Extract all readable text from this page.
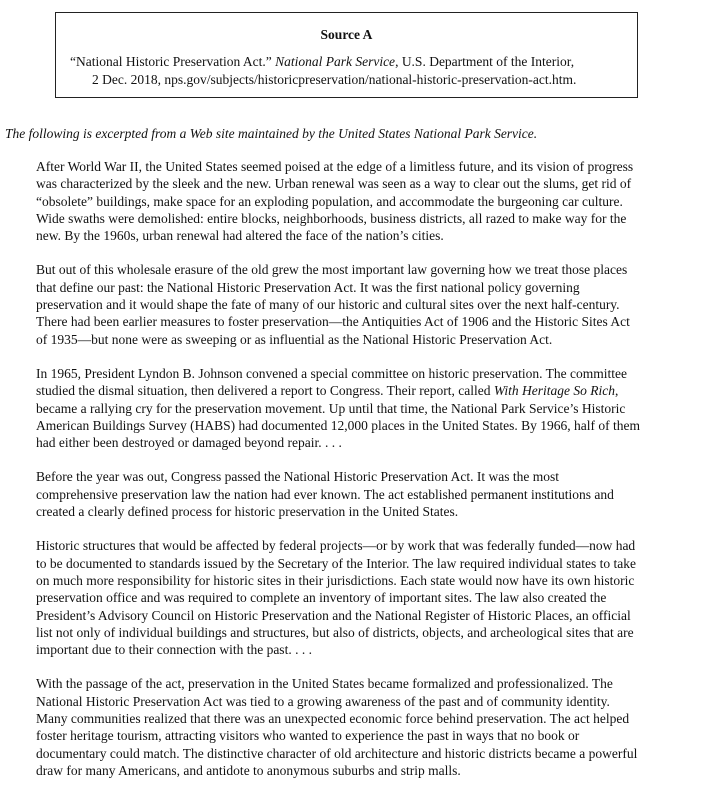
Source A
“National Historic Preservation Act.” National Park Service, U.S. Department of the Interior,
2 Dec. 2018, nps.gov/subjects/historicpreservation/national-historic-preservation-act.htm.
The following is excerpted from a Web site maintained by the United States National Park Service.

After World War II, the United States seemed poised at the edge of a limitless future, and its vision of progress
was characterized by the sleek and the new. Urban renewal was seen as a way to clear out the slums, get rid of
“obsolete” buildings, make space for an exploding population, and accommodate the burgeoning car culture.
Wide swaths were demolished: entire blocks, neighborhoods, business districts, all razed to make way for the
new. By the 1960s, urban renewal had altered the face of the nation’s cities.

But out of this wholesale erasure of the old grew the most important law governing how we treat those places
that define our past: the National Historic Preservation Act. It was the first national policy governing
preservation and it would shape the fate of many of our historic and cultural sites over the next half-century.
There had been earlier measures to foster preservation—the Antiquities Act of 1906 and the Historic Sites Act
of 1935—but none were as sweeping or as influential as the National Historic Preservation Act.

In 1965, President Lyndon B. Johnson convened a special committee on historic preservation. The committee
studied the dismal situation, then delivered a report to Congress. Their report, called With Heritage So Rich,
became a rallying cry for the preservation movement. Up until that time, the National Park Service’s Historic
American Buildings Survey (HABS) had documented 12,000 places in the United States. By 1966, half of them
had either been destroyed or damaged beyond repair. . . .

Before the year was out, Congress passed the National Historic Preservation Act. It was the most
comprehensive preservation law the nation had ever known. The act established permanent institutions and
created a clearly defined process for historic preservation in the United States.

Historic structures that would be affected by federal projects—or by work that was federally funded—now had
to be documented to standards issued by the Secretary of the Interior. The law required individual states to take
on much more responsibility for historic sites in their jurisdictions. Each state would now have its own historic
preservation office and was required to complete an inventory of important sites. The law also created the
President’s Advisory Council on Historic Preservation and the National Register of Historic Places, an official
list not only of individual buildings and structures, but also of districts, objects, and archeological sites that are
important due to their connection with the past. . . .

With the passage of the act, preservation in the United States became formalized and professionalized. The
National Historic Preservation Act was tied to a growing awareness of the past and of community identity.
Many communities realized that there was an unexpected economic force behind preservation. The act helped
foster heritage tourism, attracting visitors who wanted to experience the past in ways that no book or
documentary could match. The distinctive character of old architecture and historic districts became a powerful
draw for many Americans, and antidote to anonymous suburbs and strip malls.
